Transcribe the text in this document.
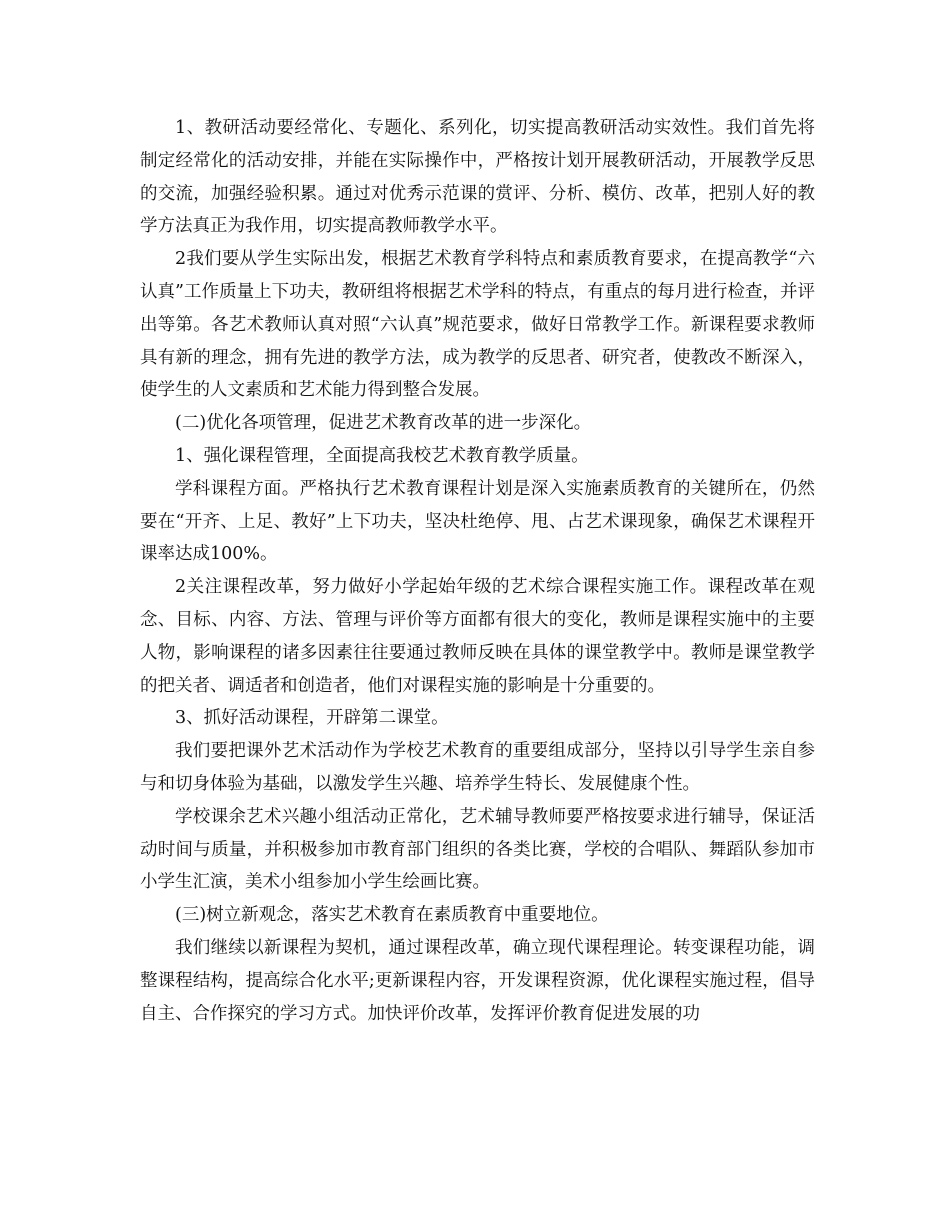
1、教研活动要经常化、专题化、系列化，切实提高教研活动实效性。我们首先将制定经常化的活动安排，并能在实际操作中，严格按计划开展教研活动，开展教学反思的交流，加强经验积累。通过对优秀示范课的赏评、分析、模仿、改革，把别人好的教学方法真正为我作用，切实提高教师教学水平。

2我们要从学生实际出发，根据艺术教育学科特点和素质教育要求，在提高教学“六认真”工作质量上下功夫，教研组将根据艺术学科的特点，有重点的每月进行检查，并评出等第。各艺术教师认真对照“六认真”规范要求，做好日常教学工作。新课程要求教师具有新的理念，拥有先进的教学方法，成为教学的反思者、研究者，使教改不断深入，使学生的人文素质和艺术能力得到整合发展。

(二)优化各项管理，促进艺术教育改革的进一步深化。

1、强化课程管理，全面提高我校艺术教育教学质量。

学科课程方面。严格执行艺术教育课程计划是深入实施素质教育的关键所在，仍然要在“开齐、上足、教好”上下功夫，坚决杜绝停、甩、占艺术课现象，确保艺术课程开课率达成100%。

2关注课程改革，努力做好小学起始年级的艺术综合课程实施工作。课程改革在观念、目标、内容、方法、管理与评价等方面都有很大的变化，教师是课程实施中的主要人物，影响课程的诸多因素往往要通过教师反映在具体的课堂教学中。教师是课堂教学的把关者、调适者和创造者，他们对课程实施的影响是十分重要的。

3、抓好活动课程，开辟第二课堂。

我们要把课外艺术活动作为学校艺术教育的重要组成部分，坚持以引导学生亲自参与和切身体验为基础，以激发学生兴趣、培养学生特长、发展健康个性。

学校课余艺术兴趣小组活动正常化，艺术辅导教师要严格按要求进行辅导，保证活动时间与质量，并积极参加市教育部门组织的各类比赛，学校的合唱队、舞蹈队参加市小学生汇演，美术小组参加小学生绘画比赛。

(三)树立新观念，落实艺术教育在素质教育中重要地位。

我们继续以新课程为契机，通过课程改革，确立现代课程理论。转变课程功能，调整课程结构，提高综合化水平;更新课程内容，开发课程资源，优化课程实施过程，倡导自主、合作探究的学习方式。加快评价改革，发挥评价教育促进发展的功
